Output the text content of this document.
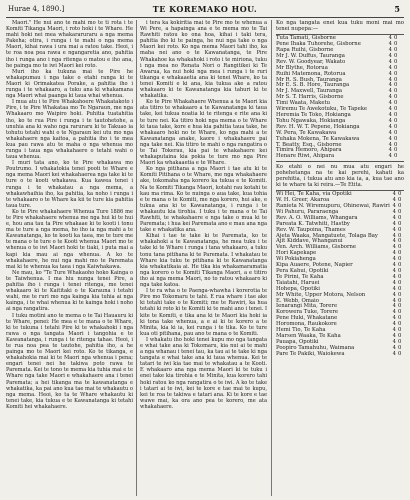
Hurae 4, 1890.]	TE KOREMAKO HOU.	5

Maori." He nui ano te mahi mo te ti rota i te Komiti Tikanga Maori, i roto hoki i te Whare. He mahi hoki nei mea whakararuraru a nga mema Pakeha; otira, i runga i te mahi o nga mema Maori, kihai rawa i ura mai a ratou take. Heoi, i te roa noa pea rawa e ngangaretia ano, pahitia iho i runga ano i nga ritenga o matou e iho ana, he painga mo te iwi Maori kei roto.

Muri iho ka tukuna mai te Pire he whakapumau i nga take o etahi ranga ki te Maori ki Orimakatea Porake, a pahitia iho i runga i te whakaaro, a tuku ana ki whakamana nga Maori whai paanga ki taua whai whenua.

I mua atu i te Pire Whakahoere Whakatakoto i Pire, i te Pire Whakataa mo Te Ngaraun, me nga Whakaaro mo Waipiro hoki. Puhitia tuatahitia iho, ko te rua Pire i runga i te tautohetohe, a unuhia ana ki waho nga raruraru ki te Takuao ia tohutu tetahi wahi o te Ngaraun kei utu mo nga whakahaere nga kaitoa, a pahitia iho i te mea kua pau rawa atu te maha o nga whenua mo runga i taua nga whakahaere o tetahi wahi o taua whenua.

I muri tata ano, ko te Pire whakawa mo Poutrumo. I whakatokia tenei pooti te Whare e nga mema Maori kei whakahaerea nga take ki te ture o te kooti whakawa. Kua kawea tenei i runga i te whakatau a nga mema, a whakawhaihia iho, ka pahitia, ka noho i runga i te whakaaro o te Whare ka kii te ture kia pahitia taua ture.

Ko te Pire whakahaere Whenua Ture 1886 me te Pire whakahaere whenua me nga hui ki te hui e, hou ana tau ta Pire whakaae ki te kooti i tonu ma te ture a nga mema, ho iho ia nga mahi a te Kawanatanga, ko te kooti ka taea, me te ture me te mana o te ture o te Kooti whenua Maori mo te whenua o te iwi Maori hoki te tiaki, i puta mai a kapi kia mau ai nga whenua. A ko te whakahaere, he nui nga mahi mo te Paremata mai ki te whenua ka taea i nga Kaiwhakawa.

Ne mau, ko "Te Ture Whakaoho hoko Kainga o te Taiwhenua. I ma hiu nunga tenei Pire, a pahitia iho i runga i tenei ritenga, me tenei whakaaro ki te Kaititaki o te Karauna i tetahi wahi, me te ruri mo nga kainga kia tuhia ai nga kainga, i te whai whenua ki te kainga hoki i noho ai nga rangatira.

I tuku motini ano te mema o te Tai Hauauru ki te Whare, penei: He mea e te mana o te Whare, ki te tukuna i tetahi Pire ki te whakahoki i nga rawa o nga tangata Maori i tangohia e te Kawanatanga, i runga i te ritenga tahae. Heoi, i te rua noa pea te tautohe, pahitia iho, a he painga mo te Maori kei roto. Ko te tikanga, e whakahokia mai ki te Maori nga whenua i pena; engari tenei nei he takiwa poto rawa te Paremata. Kei te tono te mema kia tuhia mai e te Whare nga take Maori e whakahaere ana i tenei Paremata; a hei tikanga ma te kawanatanga e whakatika, ka pai ano kua tae mai te whakautu o nga mema. Heoi, ko ta te Whare whakautu ki tenei take, kia tukua e te Kawanatanga ki tetahi Komiti hei whakahaere.

i tera ka kokiritia mai te Pire mo te whenua a Wi Pere, a hapainga ana e te mema mo te Tai Rawhiti ratou ko ona hoa, kihai i taki tera, pahitia iho ki te painga, he nui nga take o nga Maori kei roto. Ko nga mema Maori tahi iho, ka maha nei ano o te Kawanatanga, te Pire Whakahoe ka whakahoki i roto i te miriona, tuku i nga mea no Renata Nori o Rangitikei ki Te Awarua, ka nui hoki nga mea i runga i te ruri tikanga e whakaaetia ana ki tenei Whare, ko ta tenei Komiti e ki ana, kia tukua ake a ratou whakaaro ki te Kawanatanga kia tahuri ki te whakatika.

Ko te Pire Whakahaere Whenua a te Maori kia ata titiro te whakaaro a te Kawanatanga ki taua take, kei tukua noatia ki te ritenga e rite ana ki te ture nei. Ka titiro hoki nga mema o te Whare ki taua take, kore e hua kia pahitia taua take, he whakaaro hoki no te Whare, ko nga mahi a te Kawanatanga anake, kaore i whakahaere pai nga take nei. Kia titiro te mahi o nga rangatira o te Tai Tokerau, kia pai te whakahaere kei whakaputaina kia pokia te ture mo nga Pire Maori ka whakaaetia e te Whare.

Ko nga pitihana a nga Maori i tae atu ki te Komiti Pitihana o te Whare, me nga whakahaere ake, tokomaha nga korero ka tukua e te Komiti. Na te Komiti Tikanga Maori, kotahi rau kotahi te kau ma rima. Ko te nuinga o aua take, kua tohia e te mana o te Komiti, me nga korero, hui ake, e tukua ana ki te Kawanatanga, i runga i te whakautu kia tirohia. I tuku i te mana o te Tai Rawhiti, te whakahaere e nga take o mua ki te Paremata; i hua kei Paremata ano e mau ana nga take e whakatika ana.

Kihai i tae te take ki te Paremata, ko te whakahoki a te Kawanatanga, he mea tuku i te take ki te Whare i runga i tana whakaaro, a tuku tonu tana pitihana ki te Paremata. I whakatau te Whare kia tuku te pitihana ki te Kawanatanga kia whakatikaia ai. He tika kia whakamaramatia nga korero o te Komiti Tikanga Maori, a e titiro iho ai nga mema Maori, no to ratou whakaaro ki nga take katoa.

I te ra wha o te Paenga-whawha i korerotia te Pire mo Tokomaru te tahi. E rua whare i tae ake ki tetahi take o te Komiti; me te Rawiri, ka hua tetahi ki roto ki te Komiti ki te mahi ano i tenei. I kite te Komiti, e tika ana ki te Maori kia hoki ia ki tona take whenua, a e ai ki te korero a te Minita, kia ki ia, kei runga i te tika. Ko te ture kua oti pitihana, pau ano te mana o te Komiti.

I whakatu iho hoki tenei kupu mo nga tangata e whai take ana ki Tokomaru, kia nui ai te mahi a nga whanau i tenei tau, ka tau ai te take ki nga tangata e whai take ana ki taua whenua. Kei te tatari te iwi kia tae mai te whakatau a te Kooti. E whakaaro ana nga mema Maori ki te tuku i enei take kia tirohia e te Minita, kua korero tahi hoki ratou ko nga rangatira o te iwi. A ko te take i tatari ai te iwi, kei te kore e tae mai te kupu, kei te roa te takiwa e tatari ana. Ki te kore e tae wawe mai, ka ora ano pea te korero, me ata whakahaere.

Ko nga tangata enei kua tuku moni mai mo tenei nupepa:—
Tuta Tamati, Gisborne	4	0
Pene Ihaka Tuhorehe, Gisborne	4	0
Rapa Ruihi, Gisborne	4	0
Mr J. W. Duffus, Tauranga	4	0
Rev. W. Goodyear, Wakato	4	0
Mr Blythe, Rotorua	4	0
Ruihi Matemona, Rotorua	4	0
Mr R. S. Bush, Tauranga	4	0
Mr E. S. B. Hore, Tauranga	4	0
Mr J. Maxwell, Tauranga	4	0
Mr S. T. Harris, Gisborne	4	0
Timi Waata, Maketu	4	0
Wiremu Te Awekotuku, Te Tapeke	4	0
Heremia Te Toko, Hokianga	4	0
Tohu Ngawaka, Hokianga	4	0
Rev. H. W. T. Pepene, Hokianga	4	0
W. Pera, Te Kawakawa	4	0
Tuhaka Mokena, Te Kawakawa	4	0
T. Beatty, Esq., Gisborne	4	0
Timira Hemoro, Ahipara	4	0
Henare Riwi, Ahipara	4	0
Ko etahi o nei nu mua atu engari he pohehetanga na te kai perehi, kahati ka perehitia, i tukua atu ano kia ia, a, kua tae ano ki te whare ta ki reira.—Te Etita.
Wi Hei, Te Kaha, via Opotiki	4	0
W. H. Greer, Akaroa	4	0
Ranieta N. Wiremupuru, Ohinewai, Rawiri	4	0
Wi Pahuru, Pararaenga	4	0
Rev. A. O. Williams, Whangara	4	0
Pareata K. Tatwhiti, Hastby	4	0
Rev. W. Taupoina, Thames	4	0
Ajeta Waaka, Mangatuete, Tolaga Bay	4	0
Ajit Kiddave, Whanganui	4	0
Ven. Arch. Williams, Gisborne	4	0
Hori Kapekape	4	0
Wi Pokiahenga	4	0
Kipa Auaere, Potene, Napier	4	0
Pera Kahui, Opotiki	4	0
Te Pirini, Te Kaha	4	0
Taiatahi, Haruei	4	0
Hohepa, Opotiki	4	0
Mr White, Upper Motora, Nelson	4	0
E. Webb, Omaio	4	0
Ienarangi Mita, Torere	4	0
Korowera Tuke, Torere	4	0
Pene Huki, Whakatane	4	0
Horomona, Raukokore	4	0
Hemi Tio, Te Kaha	4	0
Marsen Waaka, Te Kaha	4	0
Pauapa, Opotiki	4	0
Poopiro Tamahuhu, Waimana	4	0
Pare Te Pakiki, Waiokewa	4	0
